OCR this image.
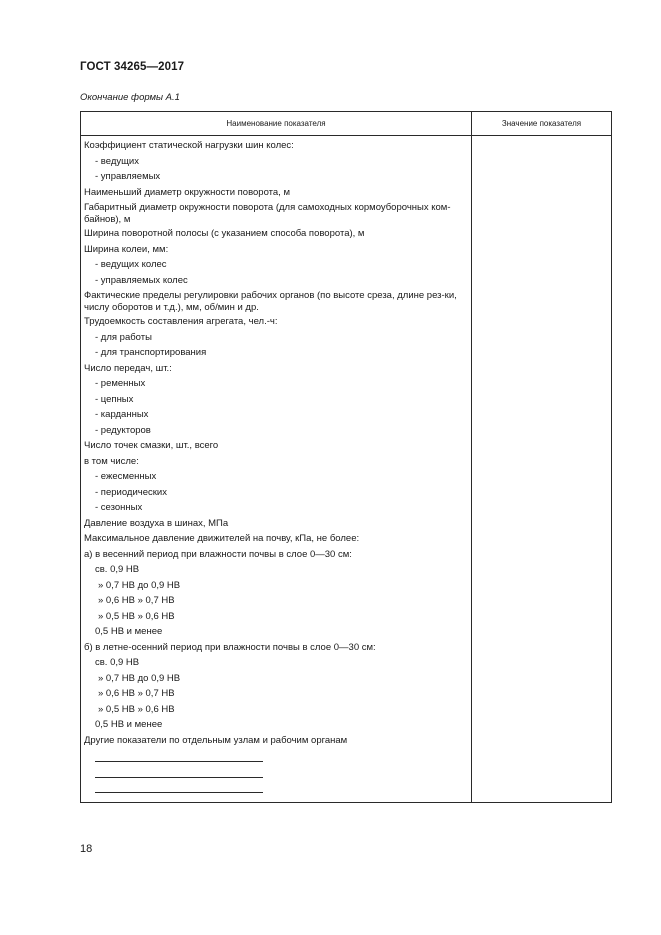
ГОСТ 34265—2017
Окончание формы А.1
Наименование показателя	Значение показателя
Коэффициент статической нагрузки шин колес:
- ведущих
- управляемых
Наименьший диаметр окружности поворота, м
Габаритный диаметр окружности поворота (для самоходных кормоуборочных ком-байнов), м
Ширина поворотной полосы (с указанием способа поворота), м
Ширина колеи, мм:
- ведущих колес
- управляемых колес
Фактические пределы регулировки рабочих органов (по высоте среза, длине рез-ки, числу оборотов и т.д.), мм, об/мин и др.
Трудоемкость составления агрегата, чел.-ч:
- для работы
- для транспортирования
Число передач, шт.:
- ременных
- цепных
- карданных
- редукторов
Число точек смазки, шт., всего
в том числе:
- ежесменных
- периодических
- сезонных
Давление воздуха в шинах, МПа
Максимальное давление движителей на почву, кПа, не более:
а) в весенний период при влажности почвы в слое 0—30 см:
св. 0,9 НВ
» 0,7 НВ до 0,9 НВ
» 0,6 НВ » 0,7 НВ
» 0,5 НВ » 0,6 НВ
0,5 НВ и менее
б) в летне-осенний период при влажности почвы в слое 0—30 см:
св. 0,9 НВ
» 0,7 НВ до 0,9 НВ
» 0,6 НВ » 0,7 НВ
» 0,5 НВ » 0,6 НВ
0,5 НВ и менее
Другие показатели по отдельным узлам и рабочим органам
18
